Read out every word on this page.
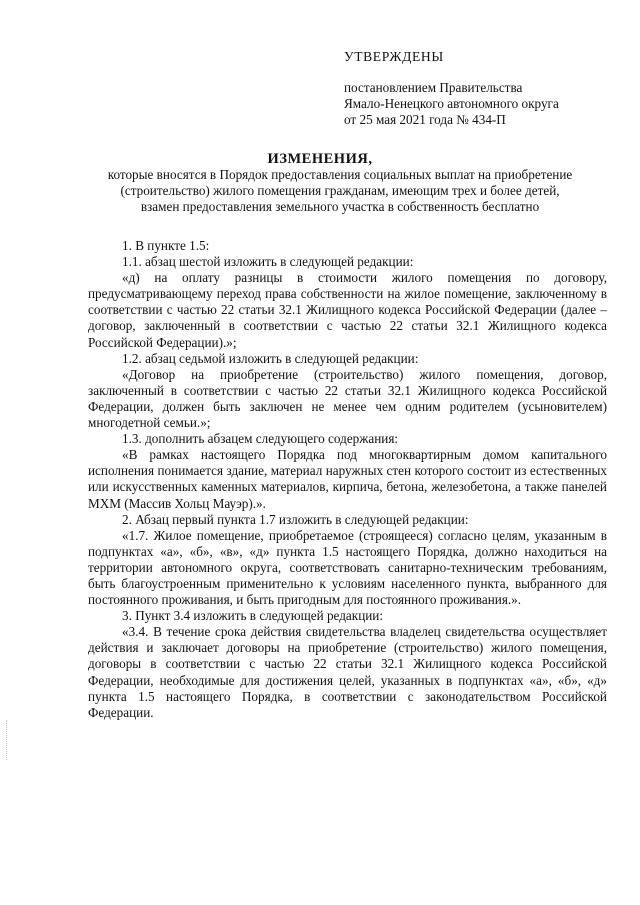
УТВЕРЖДЕНЫ
постановлением Правительства
Ямало-Ненецкого автономного округа
от 25 мая 2021 года № 434-П
ИЗМЕНЕНИЯ,
которые вносятся в Порядок предоставления социальных выплат на приобретение
(строительство) жилого помещения гражданам, имеющим трех и более детей,
взамен предоставления земельного участка в собственность бесплатно

1. В пункте 1.5:

1.1. абзац шестой изложить в следующей редакции:

«д) на оплату разницы в стоимости жилого помещения по договору, предусматривающему переход права собственности на жилое помещение, заключенному в соответствии с частью 22 статьи 32.1 Жилищного кодекса Российской Федерации (далее – договор, заключенный в соответствии с частью 22 статьи 32.1 Жилищного кодекса Российской Федерации).»;

1.2. абзац седьмой изложить в следующей редакции:

«Договор на приобретение (строительство) жилого помещения, договор, заключенный в соответствии с частью 22 статьи 32.1 Жилищного кодекса Российской Федерации, должен быть заключен не менее чем одним родителем (усыновителем) многодетной семьи.»;

1.3. дополнить абзацем следующего содержания:

«В рамках настоящего Порядка под многоквартирным домом капитального исполнения понимается здание, материал наружных стен которого состоит из естественных или искусственных каменных материалов, кирпича, бетона, железобетона, а также панелей МХМ (Массив Хольц Мауэр).».

2. Абзац первый пункта 1.7 изложить в следующей редакции:

«1.7. Жилое помещение, приобретаемое (строящееся) согласно целям, указанным в подпунктах «а», «б», «в», «д» пункта 1.5 настоящего Порядка, должно находиться на территории автономного округа, соответствовать санитарно-техническим требованиям, быть благоустроенным применительно к условиям населенного пункта, выбранного для постоянного проживания, и быть пригодным для постоянного проживания.».

3. Пункт 3.4 изложить в следующей редакции:

«3.4. В течение срока действия свидетельства владелец свидетельства осуществляет действия и заключает договоры на приобретение (строительство) жилого помещения, договоры в соответствии с частью 22 статьи 32.1 Жилищного кодекса Российской Федерации, необходимые для достижения целей, указанных в подпунктах «а», «б», «д» пункта 1.5 настоящего Порядка, в соответствии с законодательством Российской Федерации.
